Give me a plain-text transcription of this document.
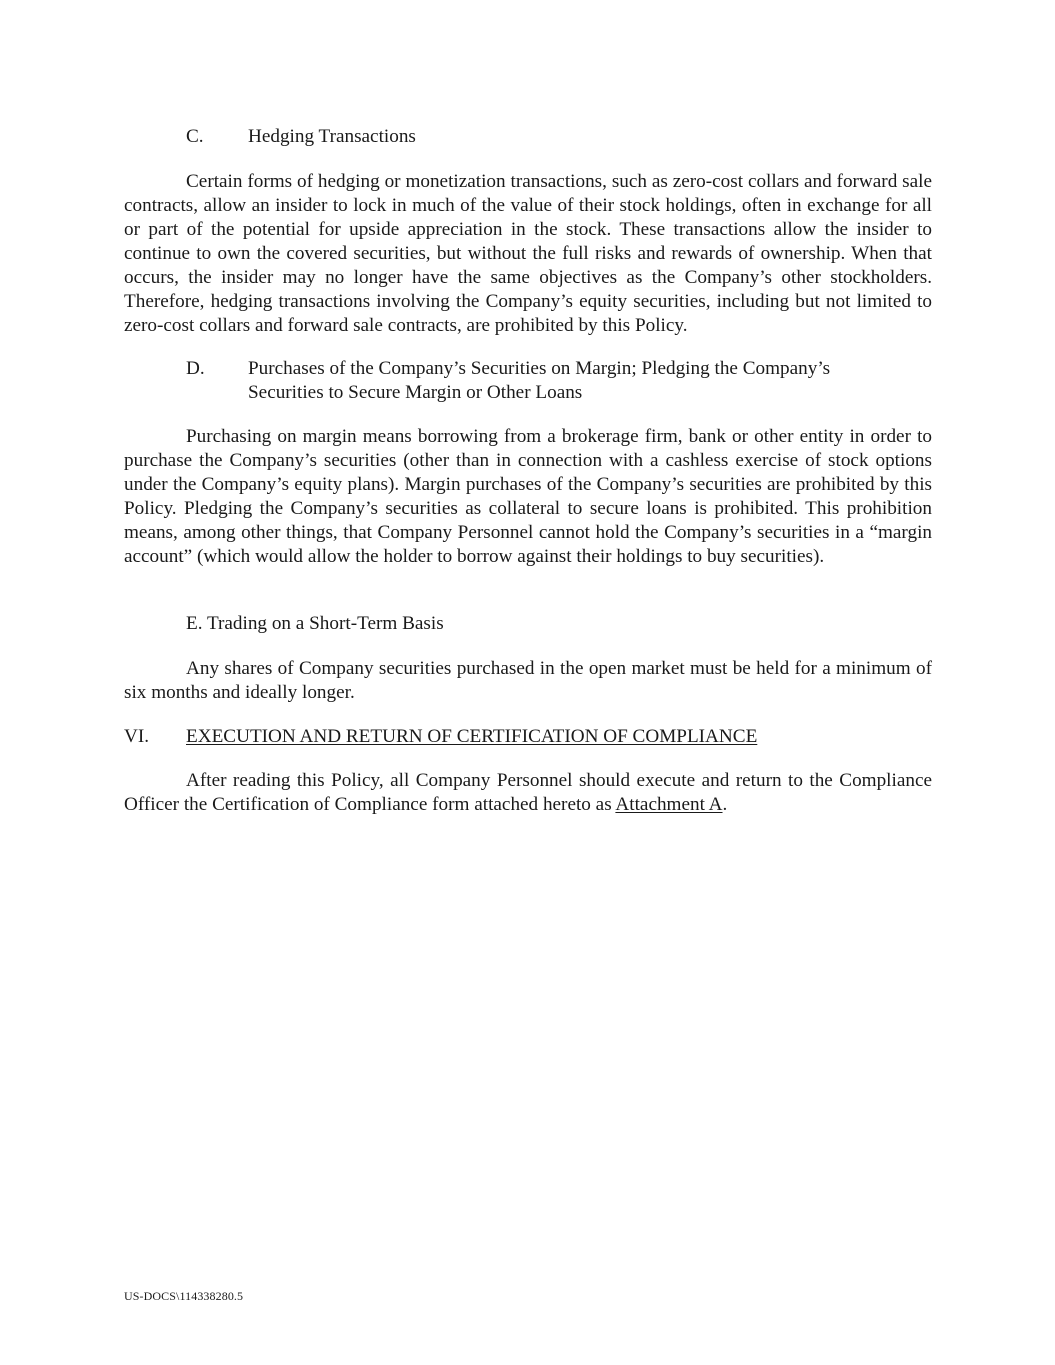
C. Hedging Transactions

Certain forms of hedging or monetization transactions, such as zero-cost collars and forward sale contracts, allow an insider to lock in much of the value of their stock holdings, often in exchange for all or part of the potential for upside appreciation in the stock. These transactions allow the insider to continue to own the covered securities, but without the full risks and rewards of ownership. When that occurs, the insider may no longer have the same objectives as the Company’s other stockholders. Therefore, hedging transactions involving the Company’s equity securities, including but not limited to zero-cost collars and forward sale contracts, are prohibited by this Policy.

D. Purchases of the Company’s Securities on Margin; Pledging the Company’s
Securities to Secure Margin or Other Loans

Purchasing on margin means borrowing from a brokerage firm, bank or other entity in order to purchase the Company’s securities (other than in connection with a cashless exercise of stock options under the Company’s equity plans). Margin purchases of the Company’s securities are prohibited by this Policy. Pledging the Company’s securities as collateral to secure loans is prohibited. This prohibition means, among other things, that Company Personnel cannot hold the Company’s securities in a “margin account” (which would allow the holder to borrow against their holdings to buy securities).

E. Trading on a Short-Term Basis

Any shares of Company securities purchased in the open market must be held for a minimum of six months and ideally longer.

VI. EXECUTION AND RETURN OF CERTIFICATION OF COMPLIANCE

After reading this Policy, all Company Personnel should execute and return to the Compliance Officer the Certification of Compliance form attached hereto as Attachment A.

US-DOCS\114338280.5
